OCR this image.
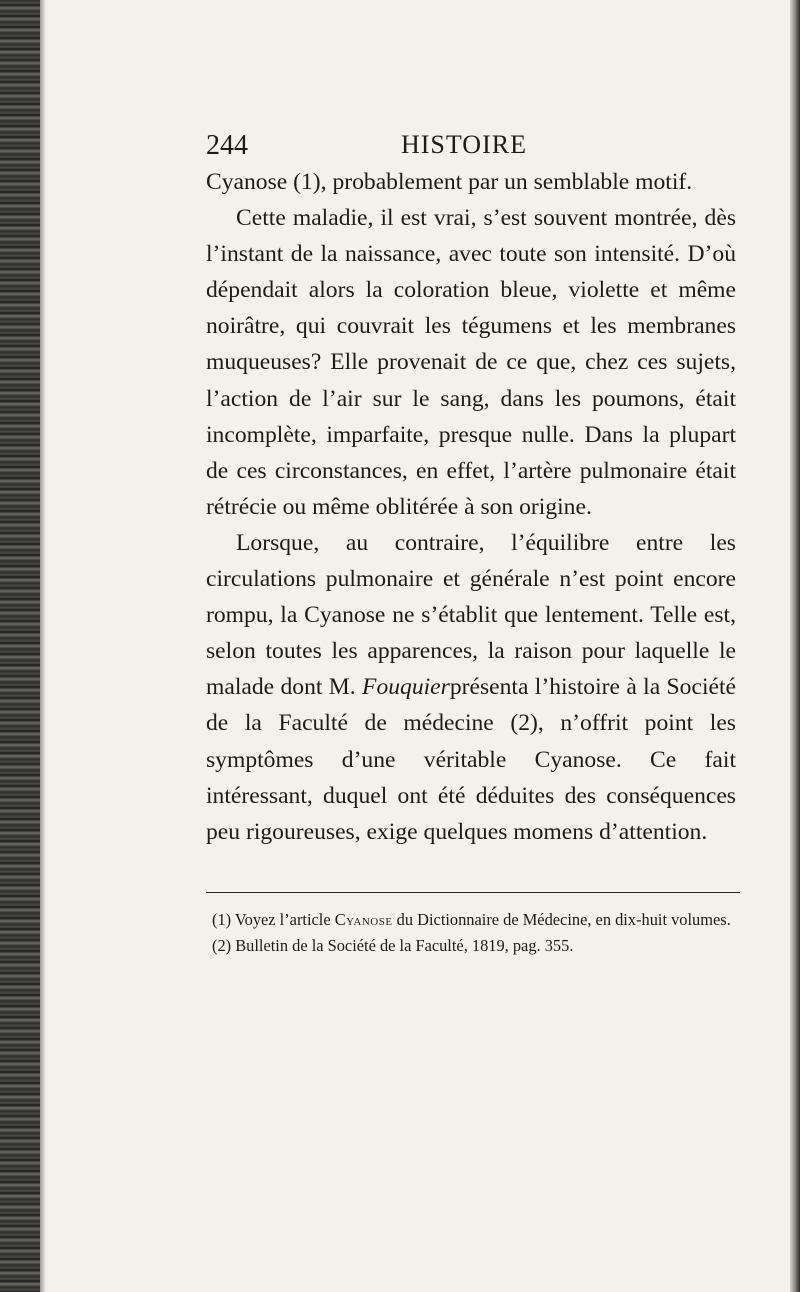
244	HISTOIRE

Cyanose (1), probablement par un semblable motif.

Cette maladie, il est vrai, s’est souvent montrée, dès l’instant de la naissance, avec toute son intensité. D’où dépendait alors la coloration bleue, violette et même noirâtre, qui couvrait les tégumens et les membranes muqueuses? Elle provenait de ce que, chez ces sujets, l’action de l’air sur le sang, dans les poumons, était incomplète, imparfaite, presque nulle. Dans la plupart de ces circonstances, en effet, l’artère pulmonaire était rétrécie ou même oblitérée à son origine.

Lorsque, au contraire, l’équilibre entre les circulations pulmonaire et générale n’est point encore rompu, la Cyanose ne s’établit que lentement. Telle est, selon toutes les apparences, la raison pour laquelle le malade dont M. Fouquierprésenta l’histoire à la Société de la Faculté de médecine (2), n’offrit point les symptômes d’une véritable Cyanose. Ce fait intéressant, duquel ont été déduites des conséquences peu rigoureuses, exige quelques momens d’attention.

(1) Voyez l’article Cyanose du Dictionnaire de Médecine, en dix-huit volumes.

(2) Bulletin de la Société de la Faculté, 1819, pag. 355.
